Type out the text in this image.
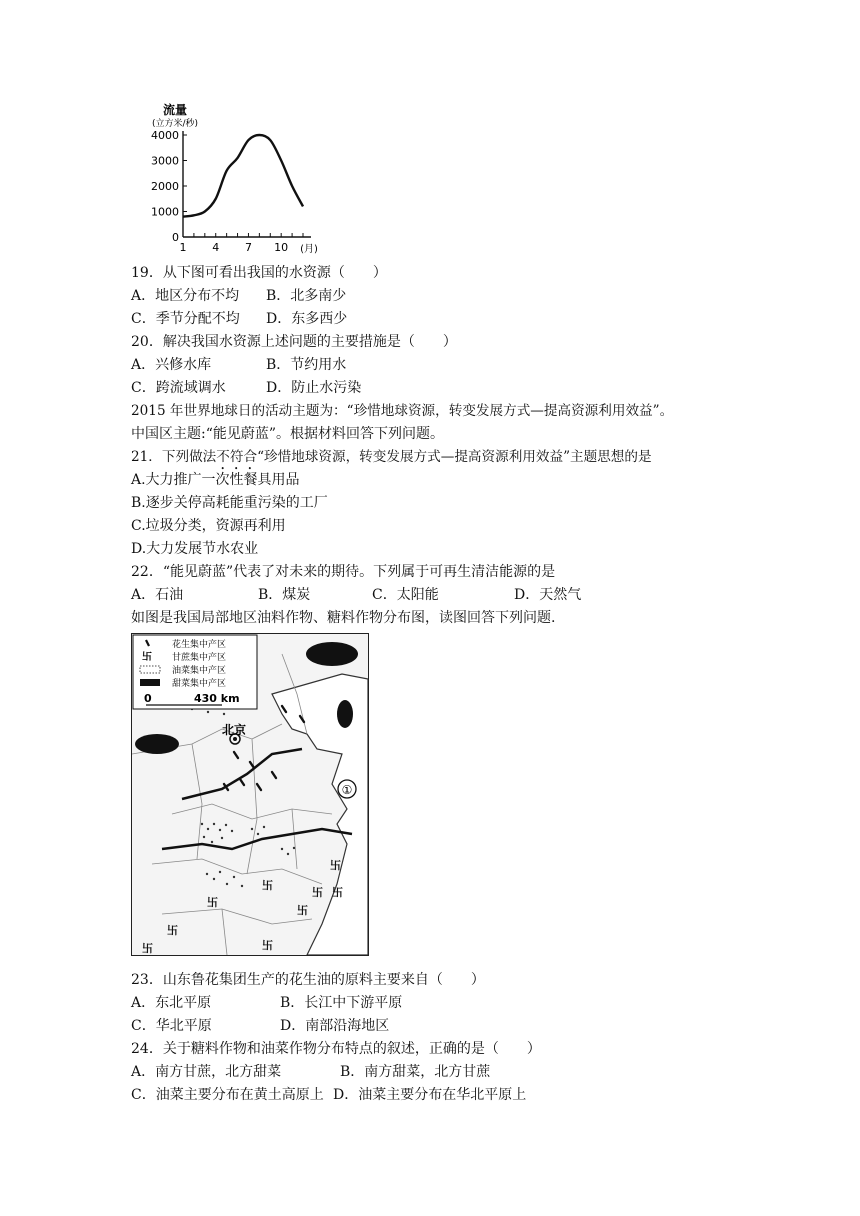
流量
(立方米/秒)
0
1000
2000
3000
4000
1 4 7 10 (月)
19．从下图可看出我国的水资源（　　）
A．地区分布不均 B．北多南少
C．季节分配不均 D．东多西少
20．解决我国水资源上述问题的主要措施是（　　）
A．兴修水库	B．节约用水
C．跨流域调水	D．防止水污染
2015 年世界地球日的活动主题为：“珍惜地球资源，转变发展方式—提高资源利用效益”。
中国区主题:“能见蔚蓝”。根据材料回答下列问题。
21．下列做法不符合“珍惜地球资源，转变发展方式—提高资源利用效益”主题思想的是
A.大力推广一次性餐具用品
B.逐步关停高耗能重污染的工厂
C.垃圾分类，资源再利用
D.大力发展节水农业
22．“能见蔚蓝”代表了对未来的期待。下列属于可再生清洁能源的是
A．石油	B．煤炭	C．太阳能	D．天然气
如图是我国局部地区油料作物、糖料作物分布图，读图回答下列问题.
卐
卐
卐
卐
卐
卐
卐	卐
卐
北京
①
花生集中产区
卐 甘蔗集中产区
油菜集中产区
甜菜集中产区
0	430 km
23．山东鲁花集团生产的花生油的原料主要来自（　　）
A．东北平原	B．长江中下游平原
C．华北平原	D．南部沿海地区
24．关于糖料作物和油菜作物分布特点的叙述，正确的是（　　）
A．南方甘蔗，北方甜菜	B．南方甜菜，北方甘蔗
C．油菜主要分布在黄土高原上 D．油菜主要分布在华北平原上
